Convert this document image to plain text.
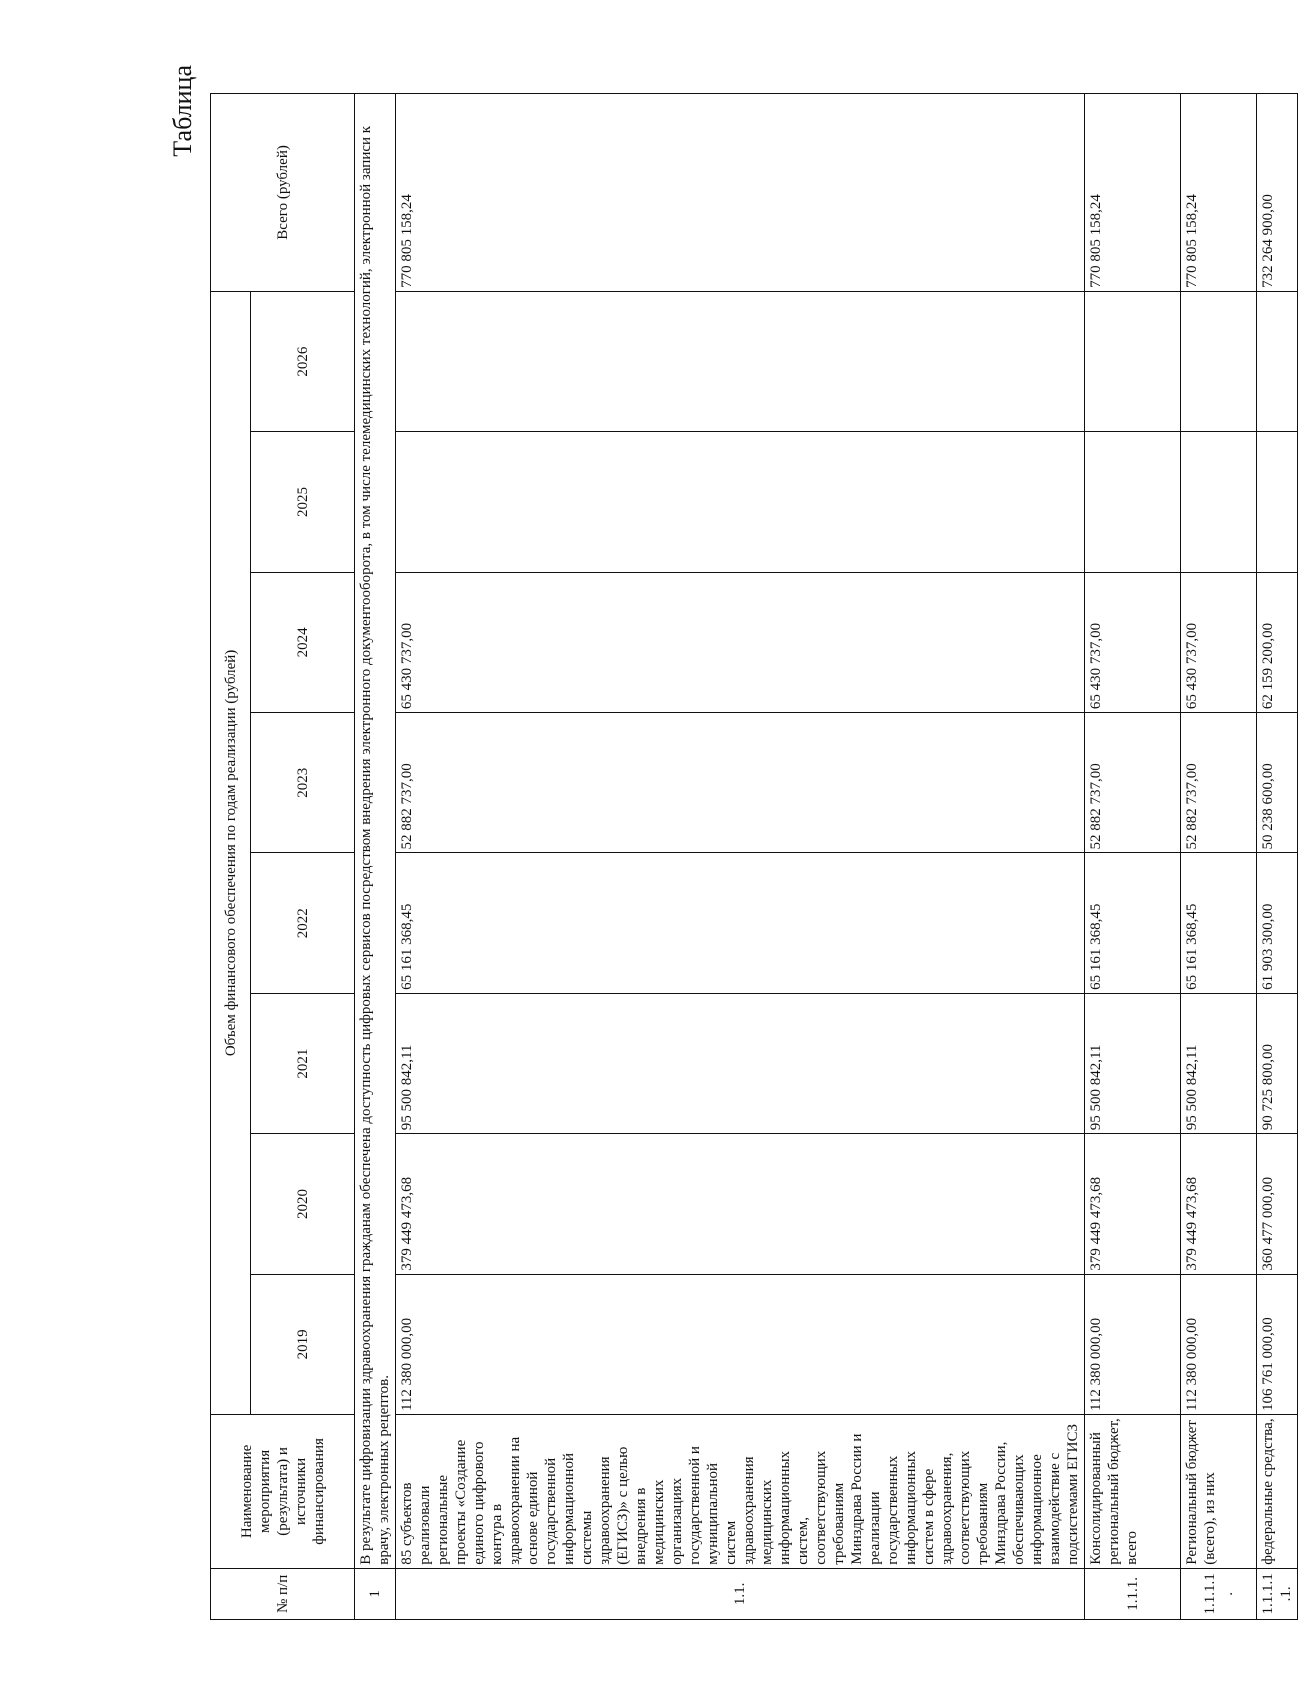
Таблица
№ п/п	Наименование мероприятия (результата) и источники финансирования	Объем финансового обеспечения по годам реализации (рублей)								Всего (рублей)
		2019	2020	2021	2022	2023	2024	2025	2026	
1	В результате цифровизации здравоохранения гражданам обеспечена доступность цифровых сервисов посредством внедрения электронного документооборота, в том числе телемедицинских технологий, электронной записи к врачу, электронных рецептов.									
1.1.	85 субъектов реализовали региональные проекты «Создание единого цифрового контура в здравоохранении на основе единой государственной информационной системы здравоохранения (ЕГИСЗ)» с целью внедрения в медицинских организациях государственной и муниципальной систем здравоохранения медицинских информационных систем, соответствующих требованиям Минздрава России и реализации государственных информационных систем в сфере здравоохранения, соответствующих требованиям Минздрава России, обеспечивающих информационное взаимодействие с подсистемами ЕГИСЗ	112 380 000,00	379 449 473,68	95 500 842,11	65 161 368,45	52 882 737,00	65 430 737,00			770 805 158,24
1.1.1.	Консолидированный региональный бюджет, всего	112 380 000,00	379 449 473,68	95 500 842,11	65 161 368,45	52 882 737,00	65 430 737,00			770 805 158,24
1.1.1.1.	Региональный бюджет (всего), из них	112 380 000,00	379 449 473,68	95 500 842,11	65 161 368,45	52 882 737,00	65 430 737,00			770 805 158,24
1.1.1.1.1.	федеральные средства,	106 761 000,00	360 477 000,00	90 725 800,00	61 903 300,00	50 238 600,00	62 159 200,00			732 264 900,00
